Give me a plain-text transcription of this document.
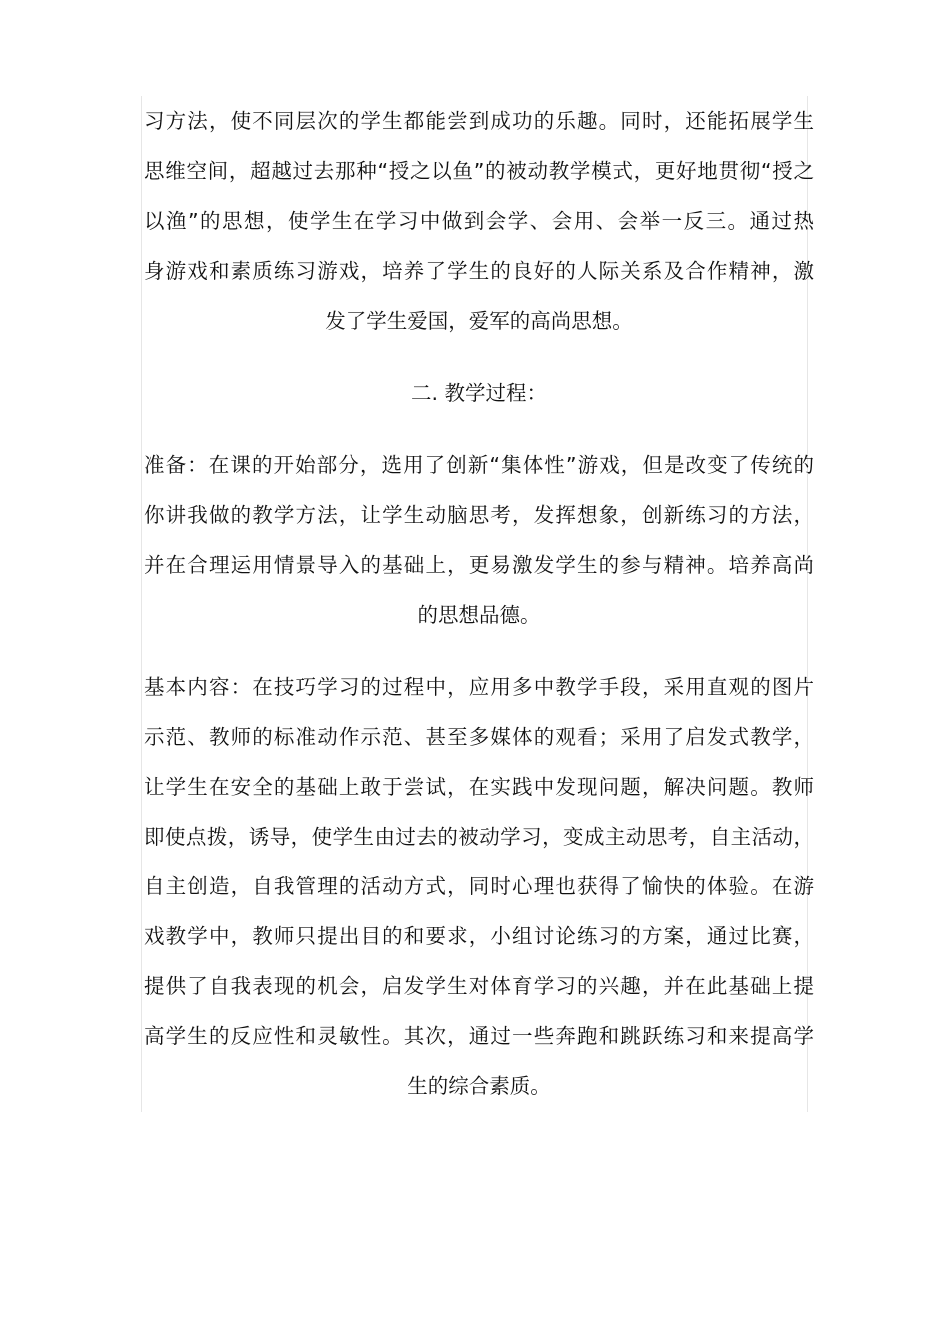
习方法，使不同层次的学生都能尝到成功的乐趣。同时，还能拓展学生
思维空间，超越过去那种“授之以鱼”的被动教学模式，更好地贯彻“授之
以渔”的思想，使学生在学习中做到会学、会用、会举一反三。通过热
身游戏和素质练习游戏，培养了学生的良好的人际关系及合作精神，激
发了学生爱国，爱军的高尚思想。
二. 教学过程：
准备：在课的开始部分，选用了创新“集体性”游戏，但是改变了传统的
你讲我做的教学方法，让学生动脑思考，发挥想象，创新练习的方法，
并在合理运用情景导入的基础上，更易激发学生的参与精神。培养高尚
的思想品德。
基本内容：在技巧学习的过程中，应用多中教学手段，采用直观的图片
示范、教师的标准动作示范、甚至多媒体的观看；采用了启发式教学，
让学生在安全的基础上敢于尝试，在实践中发现问题，解决问题。教师
即使点拨，诱导，使学生由过去的被动学习，变成主动思考，自主活动，
自主创造，自我管理的活动方式，同时心理也获得了愉快的体验。在游
戏教学中，教师只提出目的和要求，小组讨论练习的方案，通过比赛，
提供了自我表现的机会，启发学生对体育学习的兴趣，并在此基础上提
高学生的反应性和灵敏性。其次，通过一些奔跑和跳跃练习和来提高学
生的综合素质。
